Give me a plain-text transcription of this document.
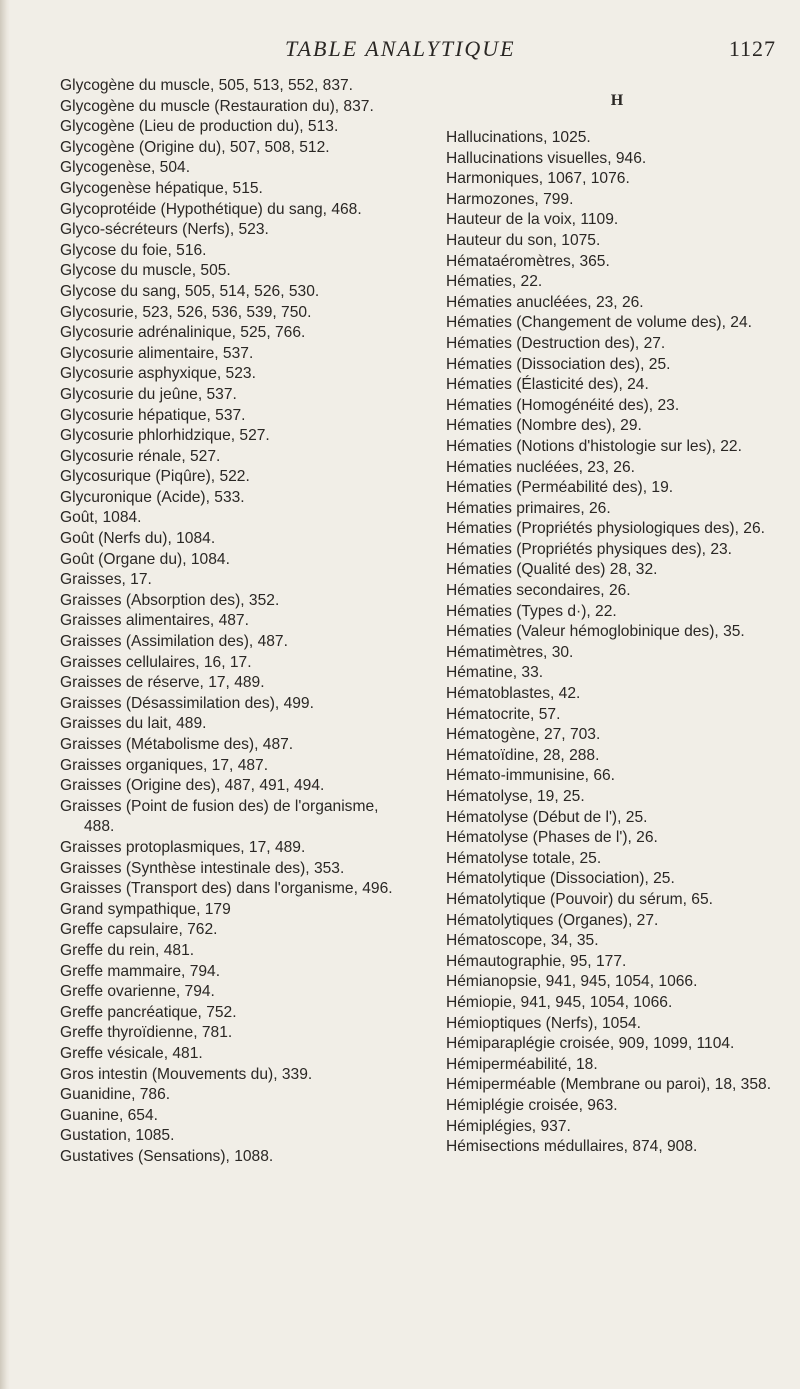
TABLE ANALYTIQUE	1127

Glycogène du muscle, 505, 513, 552, 837.

Glycogène du muscle (Restauration du), 837.

Glycogène (Lieu de production du), 513.

Glycogène (Origine du), 507, 508, 512.

Glycogenèse, 504.

Glycogenèse hépatique, 515.

Glycoprotéide (Hypothétique) du sang, 468.

Glyco-sécréteurs (Nerfs), 523.

Glycose du foie, 516.

Glycose du muscle, 505.

Glycose du sang, 505, 514, 526, 530.

Glycosurie, 523, 526, 536, 539, 750.

Glycosurie adrénalinique, 525, 766.

Glycosurie alimentaire, 537.

Glycosurie asphyxique, 523.

Glycosurie du jeûne, 537.

Glycosurie hépatique, 537.

Glycosurie phlorhidzique, 527.

Glycosurie rénale, 527.

Glycosurique (Piqûre), 522.

Glycuronique (Acide), 533.

Goût, 1084.

Goût (Nerfs du), 1084.

Goût (Organe du), 1084.

Graisses, 17.

Graisses (Absorption des), 352.

Graisses alimentaires, 487.

Graisses (Assimilation des), 487.

Graisses cellulaires, 16, 17.

Graisses de réserve, 17, 489.

Graisses (Désassimilation des), 499.

Graisses du lait, 489.

Graisses (Métabolisme des), 487.

Graisses organiques, 17, 487.

Graisses (Origine des), 487, 491, 494.

Graisses (Point de fusion des) de l'organisme, 488.

Graisses protoplasmiques, 17, 489.

Graisses (Synthèse intestinale des), 353.

Graisses (Transport des) dans l'organisme, 496.

Grand sympathique, 179

Greffe capsulaire, 762.

Greffe du rein, 481.

Greffe mammaire, 794.

Greffe ovarienne, 794.

Greffe pancréatique, 752.

Greffe thyroïdienne, 781.

Greffe vésicale, 481.

Gros intestin (Mouvements du), 339.

Guanidine, 786.

Guanine, 654.

Gustation, 1085.

Gustatives (Sensations), 1088.

H

Hallucinations, 1025.

Hallucinations visuelles, 946.

Harmoniques, 1067, 1076.

Harmozones, 799.

Hauteur de la voix, 1109.

Hauteur du son, 1075.

Hémataéromètres, 365.

Hématies, 22.

Hématies anucléées, 23, 26.

Hématies (Changement de volume des), 24.

Hématies (Destruction des), 27.

Hématies (Dissociation des), 25.

Hématies (Élasticité des), 24.

Hématies (Homogénéité des), 23.

Hématies (Nombre des), 29.

Hématies (Notions d'histologie sur les), 22.

Hématies nucléées, 23, 26.

Hématies (Perméabilité des), 19.

Hématies primaires, 26.

Hématies (Propriétés physiologiques des), 26.

Hématies (Propriétés physiques des), 23.

Hématies (Qualité des) 28, 32.

Hématies secondaires, 26.

Hématies (Types d·), 22.

Hématies (Valeur hémoglobinique des), 35.

Hématimètres, 30.

Hématine, 33.

Hématoblastes, 42.

Hématocrite, 57.

Hématogène, 27, 703.

Hématoïdine, 28, 288.

Hémato-immunisine, 66.

Hématolyse, 19, 25.

Hématolyse (Début de l'), 25.

Hématolyse (Phases de l'), 26.

Hématolyse totale, 25.

Hématolytique (Dissociation), 25.

Hématolytique (Pouvoir) du sérum, 65.

Hématolytiques (Organes), 27.

Hématoscope, 34, 35.

Hémautographie, 95, 177.

Hémianopsie, 941, 945, 1054, 1066.

Hémiopie, 941, 945, 1054, 1066.

Hémioptiques (Nerfs), 1054.

Hémiparaplégie croisée, 909, 1099, 1104.

Hémiperméabilité, 18.

Hémiperméable (Membrane ou paroi), 18, 358.

Hémiplégie croisée, 963.

Hémiplégies, 937.

Hémisections médullaires, 874, 908.
